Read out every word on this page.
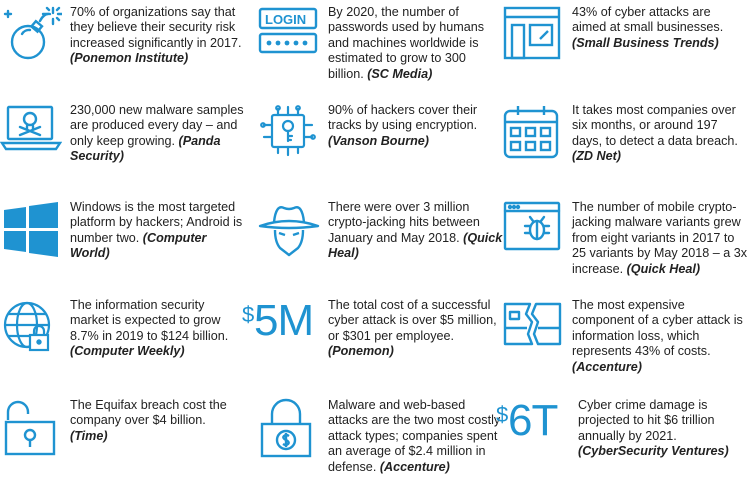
70% of organizations say that they believe their security risk increased significantly in 2017. (Ponemon Institute)
LOGIN By 2020, the number of passwords used by humans and machines worldwide is estimated to grow to 300 billion. (SC Media)
43% of cyber attacks are aimed at small businesses. (Small Business Trends)
230,000 new malware samples are produced every day – and only keep growing. (Panda Security)
90% of hackers cover their tracks by using encryption. (Vanson Bourne)
It takes most companies over six months, or around 197 days, to detect a data breach. (ZD Net)
Windows is the most targeted platform by hackers; Android is number two. (Computer World)
There were over 3 million crypto-jacking hits between January and May 2018. (Quick Heal)
The number of mobile crypto-jacking malware variants grew from eight variants in 2017 to 25 variants by May 2018 – a 3x increase. (Quick Heal)
The information security market is expected to grow 8.7% in 2019 to $124 billion. (Computer Weekly)
$ 5M The total cost of a successful cyber attack is over $5 million, or $301 per employee. (Ponemon)
The most expensive component of a cyber attack is information loss, which represents 43% of costs. (Accenture)
The Equifax breach cost the company over $4 billion. (Time)
Malware and web-based attacks are the two most costly attack types; companies spent an average of $2.4 million in defense. (Accenture)
$ 6T Cyber crime damage is projected to hit $6 trillion annually by 2021. (CyberSecurity Ventures)
